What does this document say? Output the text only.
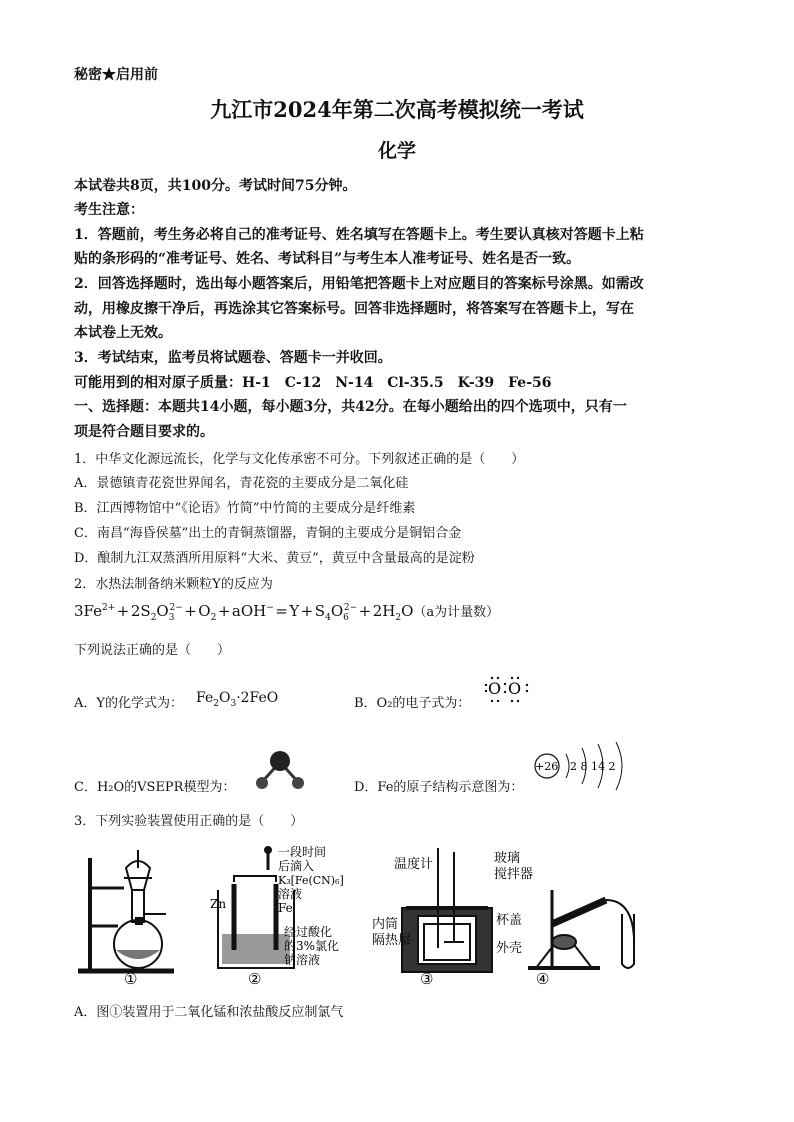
秘密★启用前
九江市2024年第二次高考模拟统一考试
化学
本试卷共8页，共100分。考试时间75分钟。
考生注意：
1．答题前，考生务必将自己的准考证号、姓名填写在答题卡上。考生要认真核对答题卡上粘
贴的条形码的“准考证号、姓名、考试科目”与考生本人准考证号、姓名是否一致。
2．回答选择题时，选出每小题答案后，用铅笔把答题卡上对应题目的答案标号涂黑。如需改
动，用橡皮擦干净后，再选涂其它答案标号。回答非选择题时，将答案写在答题卡上，写在
本试卷上无效。
3．考试结束，监考员将试题卷、答题卡一并收回。
可能用到的相对原子质量：H-1　C-12　N-14　Cl-35.5　K-39　Fe-56
一、选择题：本题共14小题，每小题3分，共42分。在每小题给出的四个选项中，只有一
项是符合题目要求的。
1．中华文化源远流长，化学与文化传承密不可分。下列叙述正确的是（　　）
A．景德镇青花瓷世界闻名，青花瓷的主要成分是二氧化硅
B．江西博物馆中“《论语》竹简”中竹简的主要成分是纤维素
C．南昌“海昏侯墓”出土的青铜蒸馏器，青铜的主要成分是铜铝合金
D．酿制九江双蒸酒所用原料“大米、黄豆”，黄豆中含量最高的是淀粉
2．水热法制备纳米颗粒Y的反应为
$3Fe^{2+}$ + $2S_2O_3^{2-}$ + $O_2$ + aOH− = Y + $S_4O_6^{2-}$ + $2H_2O(a$为计量数）
下列说法正确的是（　　）
A．Y的化学式为： $Fe_2O_3\cdot 2FeO$	B．O₂的电子式为：
O O
C．H₂O的VSEPR模型为：	D．Fe的原子结构示意图为：
+26 2 8 14 2
3．下列实验装置使用正确的是（　　）
Zn	Fe
一段时间
后滴入
K₃[Fe(CN)₆]
溶液
经过酸化
的3%氯化
钠溶液
温度计	玻璃
搅拌器
内筒
隔热层
杯盖
外壳
①	②	③	④
A．图①装置用于二氧化锰和浓盐酸反应制氯气
